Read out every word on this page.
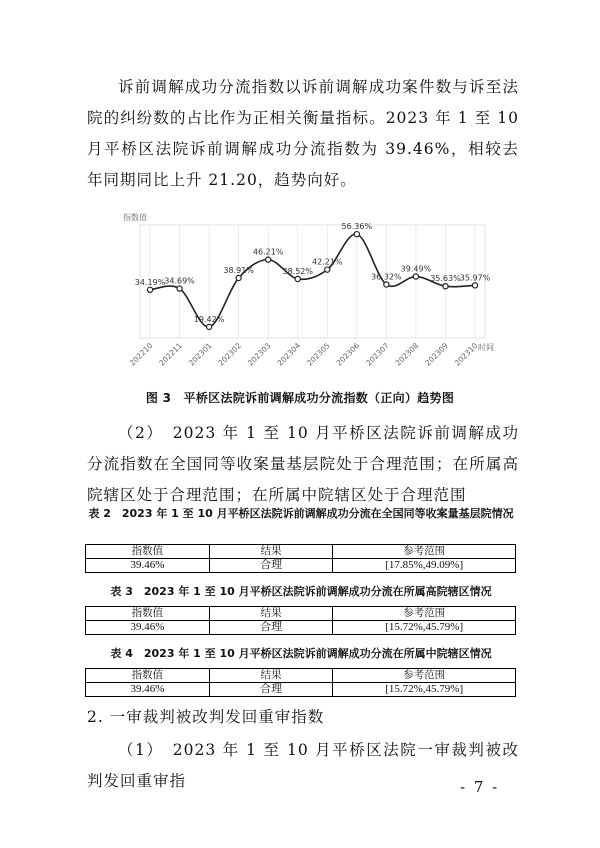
诉前调解成功分流指数以诉前调解成功案件数与诉至法院的纠纷数的占比作为正相关衡量指标。2023 年 1 至 10 月平桥区法院诉前调解成功分流指数为 39.46%，相较去年同期同比上升 21.20，趋势向好。
指数值
时间
34.19% 34.69%
19.42%
38.91%
46.21%
38.52%
42.21%
56.36%
36.32%
39.49%
35.63% 35.97%
202210 202211 202301 202302 202303 202304 202305 202306 202307 202308 202309 202310
图 3　平桥区法院诉前调解成功分流指数（正向）趋势图
（2）　2023 年 1 至 10 月平桥区法院诉前调解成功分流指数在全国同等收案量基层院处于合理范围；在所属高院辖区处于合理范围；在所属中院辖区处于合理范围
表 2　2023 年 1 至 10 月平桥区法院诉前调解成功分流在全国同等收案量基层院情况
指数值	结果	参考范围
39.46%	合理	[17.85%,49.09%]
表 3　2023 年 1 至 10 月平桥区法院诉前调解成功分流在所属高院辖区情况
指数值	结果	参考范围
39.46%	合理	[15.72%,45.79%]
表 4　2023 年 1 至 10 月平桥区法院诉前调解成功分流在所属中院辖区情况
指数值	结果	参考范围
39.46%	合理	[15.72%,45.79%]
2. 一审裁判被改判发回重审指数
（1）　2023 年 1 至 10 月平桥区法院一审裁判被改判发回重审指	- 7 -
